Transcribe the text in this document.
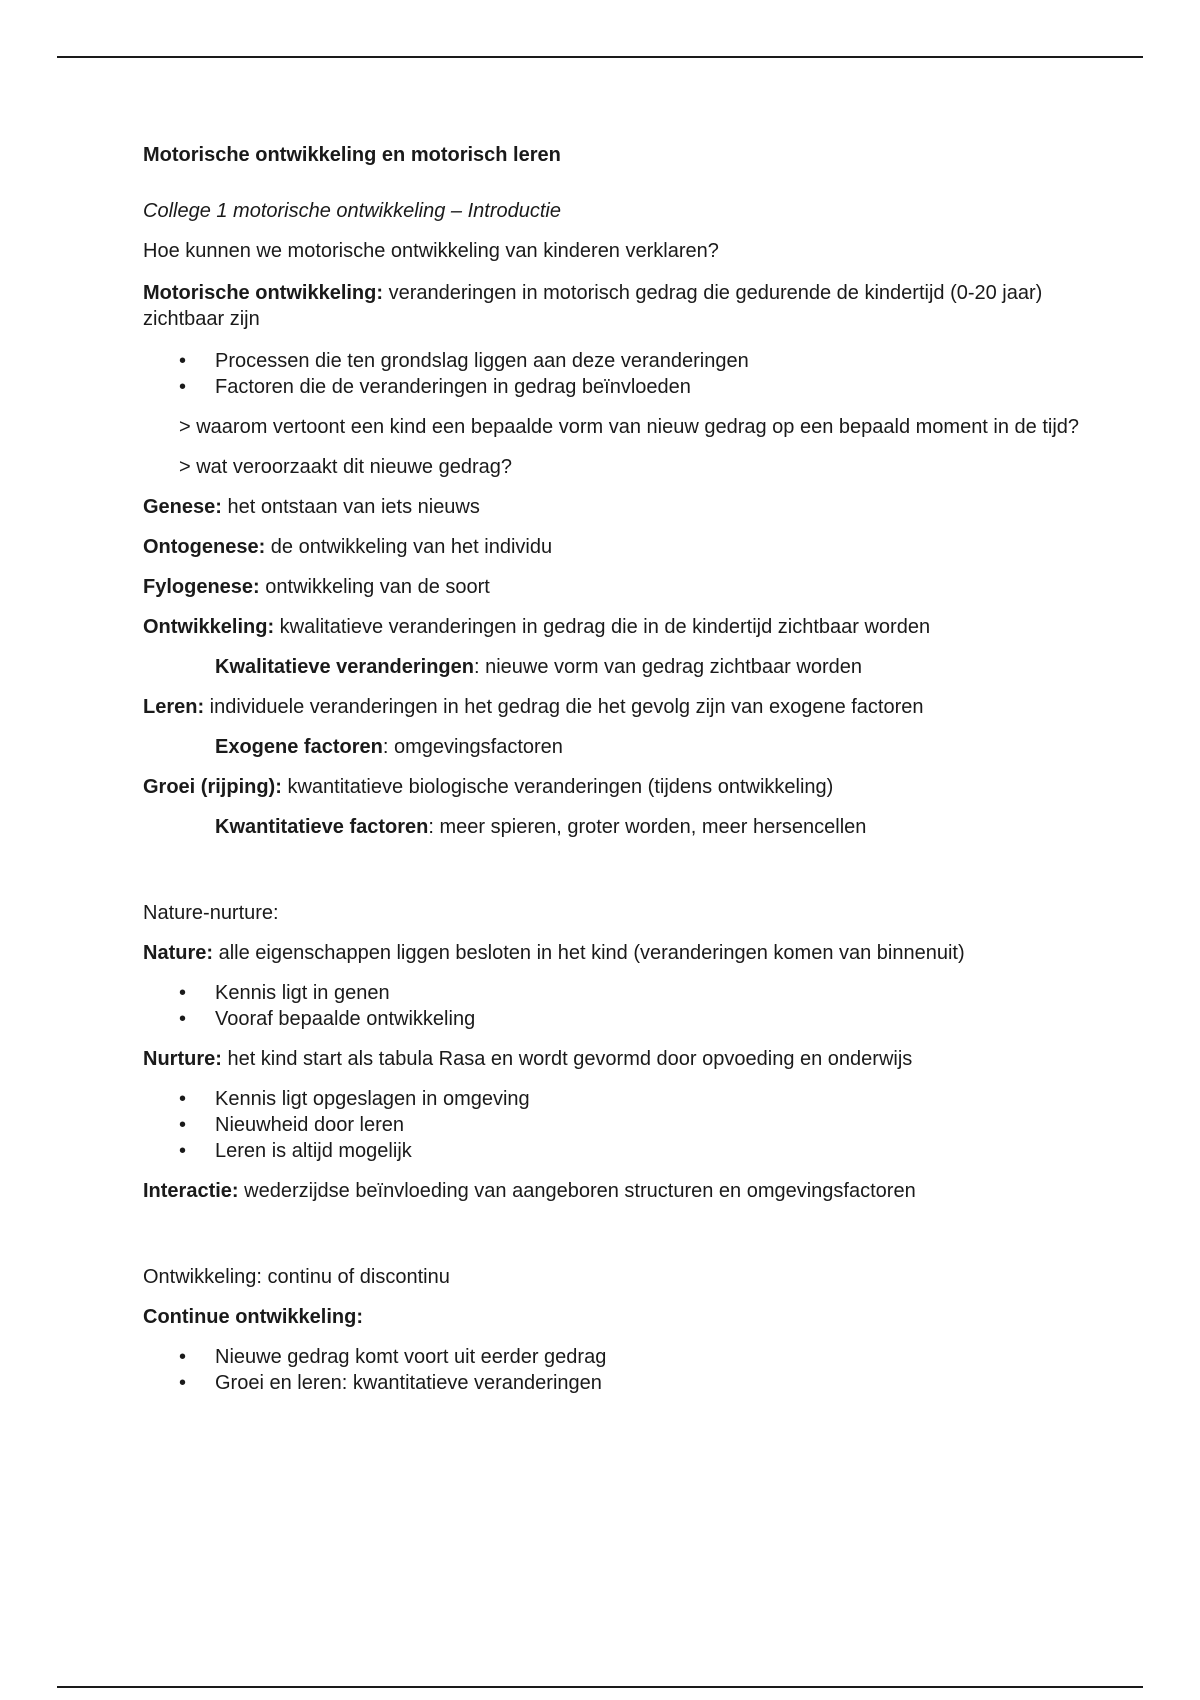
Motorische ontwikkeling en motorisch leren

College 1 motorische ontwikkeling – Introductie

Hoe kunnen we motorische ontwikkeling van kinderen verklaren?

Motorische ontwikkeling: veranderingen in motorisch gedrag die gedurende de kindertijd (0-20 jaar) zichtbaar zijn

• Processen die ten grondslag liggen aan deze veranderingen
• Factoren die de veranderingen in gedrag beïnvloeden

> waarom vertoont een kind een bepaalde vorm van nieuw gedrag op een bepaald moment in de tijd?

> wat veroorzaakt dit nieuwe gedrag?

Genese: het ontstaan van iets nieuws

Ontogenese: de ontwikkeling van het individu

Fylogenese: ontwikkeling van de soort

Ontwikkeling: kwalitatieve veranderingen in gedrag die in de kindertijd zichtbaar worden

Kwalitatieve veranderingen: nieuwe vorm van gedrag zichtbaar worden

Leren: individuele veranderingen in het gedrag die het gevolg zijn van exogene factoren

Exogene factoren: omgevingsfactoren

Groei (rijping): kwantitatieve biologische veranderingen (tijdens ontwikkeling)

Kwantitatieve factoren: meer spieren, groter worden, meer hersencellen

Nature-nurture:

Nature: alle eigenschappen liggen besloten in het kind (veranderingen komen van binnenuit)

• Kennis ligt in genen
• Vooraf bepaalde ontwikkeling

Nurture: het kind start als tabula Rasa en wordt gevormd door opvoeding en onderwijs

• Kennis ligt opgeslagen in omgeving
• Nieuwheid door leren
• Leren is altijd mogelijk

Interactie: wederzijdse beïnvloeding van aangeboren structuren en omgevingsfactoren

Ontwikkeling: continu of discontinu

Continue ontwikkeling:

• Nieuwe gedrag komt voort uit eerder gedrag
• Groei en leren: kwantitatieve veranderingen
